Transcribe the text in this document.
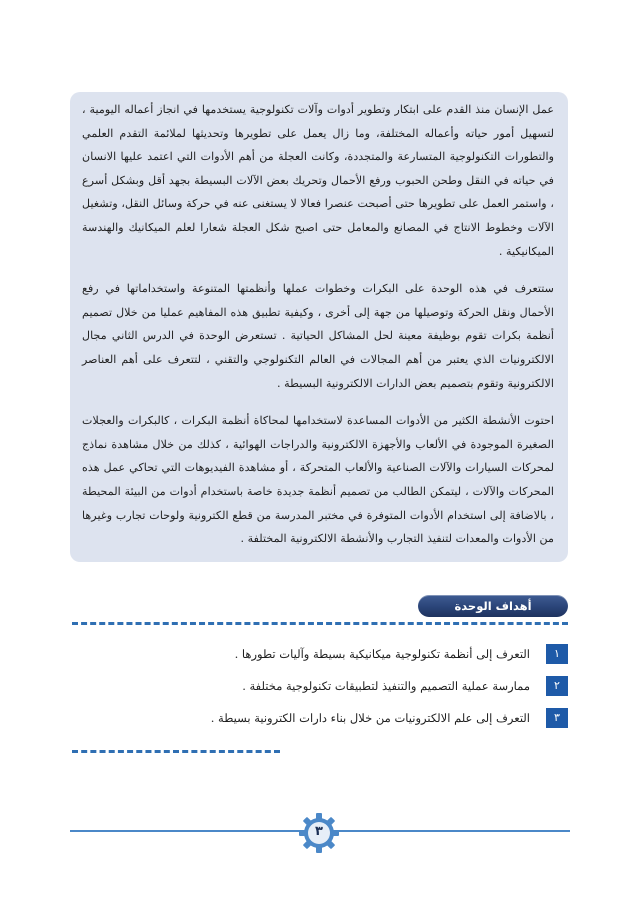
عمل الإنسان منذ القدم على ابتكار وتطوير أدوات وآلات تكنولوجية يستخدمها في انجاز أعماله اليومية ، لتسهيل أمور حياته وأعماله المختلفة، وما زال يعمل على تطويرها وتحديثها لملائمة التقدم العلمي والتطورات التكنولوجية المتسارعة والمتجددة، وكانت العجلة من أهم الأدوات التي اعتمد عليها الانسان في حياته في النقل وطحن الحبوب ورفع الأحمال وتحريك بعض الآلات البسيطة بجهد أقل وبشكل أسرع ، واستمر العمل على تطويرها حتى أصبحت عنصرا فعالا لا يستغنى عنه في حركة وسائل النقل، وتشغيل الآلات وخطوط الانتاج في المصانع والمعامل حتى اصبح شكل العجلة شعارا لعلم الميكانيك والهندسة الميكانيكية .

ستتعرف في هذه الوحدة على البكرات وخطوات عملها وأنظمتها المتنوعة واستخداماتها في رفع الأحمال ونقل الحركة وتوصيلها من جهة إلى أخرى ، وكيفية تطبيق هذه المفاهيم عمليا من خلال تصميم أنظمة بكرات تقوم بوظيفة معينة لحل المشاكل الحياتية . تستعرض الوحدة في الدرس الثاني مجال الالكترونيات الذي يعتبر من أهم المجالات في العالم التكنولوجي والتقني ، لتتعرف على أهم العناصر الالكترونية وتقوم بتصميم بعض الدارات الالكترونية البسيطة .

احتوت الأنشطة الكثير من الأدوات المساعدة لاستخدامها لمحاكاة أنظمة البكرات ، كالبكرات والعجلات الصغيرة الموجودة في الألعاب والأجهزة الالكترونية والدراجات الهوائية ، كذلك من خلال مشاهدة نماذج لمحركات السيارات والآلات الصناعية والألعاب المتحركة ، أو مشاهدة الفيديوهات التي تحاكي عمل هذه المحركات والآلات ، ليتمكن الطالب من تصميم أنظمة جديدة خاصة باستخدام أدوات من البيئة المحيطة ، بالاضافة إلى استخدام الأدوات المتوفرة في مختبر المدرسة من قطع الكترونية ولوحات تجارب وغيرها من الأدوات والمعدات لتنفيذ التجارب والأنشطة الالكترونية المختلفة .

أهداف الوحدة
١
التعرف إلى أنظمة تكنولوجية ميكانيكية بسيطة وآليات تطورها .
٢
ممارسة عملية التصميم والتنفيذ لتطبيقات تكنولوجية مختلفة .
٣
التعرف إلى علم الالكترونيات من خلال بناء دارات الكترونية بسيطة .
٣
